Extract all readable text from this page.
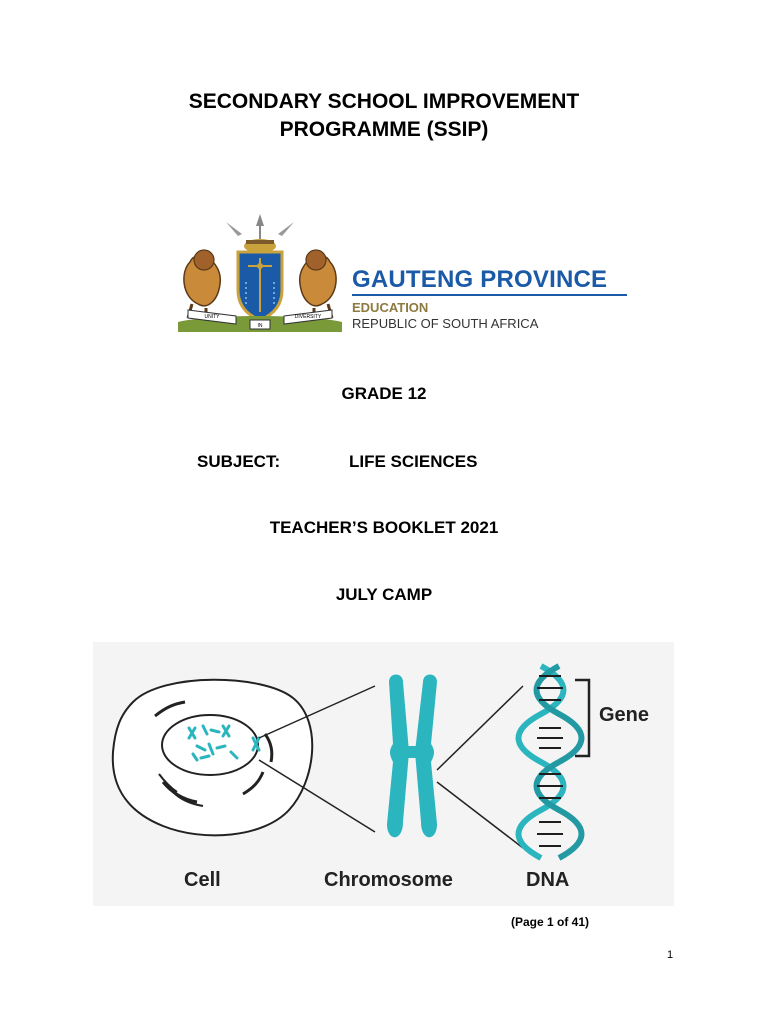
SECONDARY SCHOOL IMPROVEMENT
PROGRAMME (SSIP)
UNITY
IN
DIVERSITY
GAUTENG PROVINCE
EDUCATION
REPUBLIC OF SOUTH AFRICA
GRADE 12
SUBJECT:	LIFE SCIENCES
TEACHER’S BOOKLET 2021
JULY CAMP
Cell	Chromosome	DNA
Gene
(Page 1 of 41)
1
